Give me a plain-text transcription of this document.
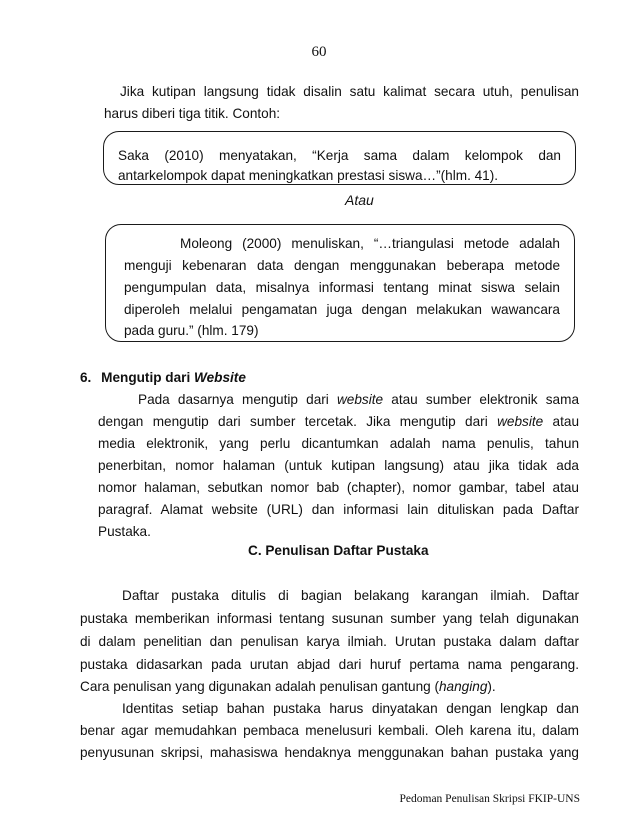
60
Jika kutipan langsung tidak disalin satu kalimat secara utuh, penulisan
harus diberi tiga titik. Contoh:
Saka (2010) menyatakan, “Kerja sama dalam kelompok dan
antarkelompok dapat meningkatkan prestasi siswa…”(hlm. 41).
Atau
Moleong (2000) menuliskan, “…triangulasi metode adalah
menguji kebenaran data dengan menggunakan beberapa metode
pengumpulan data, misalnya informasi tentang minat siswa selain
diperoleh melalui pengamatan juga dengan melakukan wawancara
pada guru.” (hlm. 179)
6. Mengutip dari Website
Pada dasarnya mengutip dari website atau sumber elektronik sama
dengan mengutip dari sumber tercetak. Jika mengutip dari website atau
media elektronik, yang perlu dicantumkan adalah nama penulis, tahun
penerbitan, nomor halaman (untuk kutipan langsung) atau jika tidak ada
nomor halaman, sebutkan nomor bab (chapter), nomor gambar, tabel atau
paragraf. Alamat website (URL) dan informasi lain dituliskan pada Daftar
Pustaka.
C. Penulisan Daftar Pustaka
Daftar pustaka ditulis di bagian belakang karangan ilmiah. Daftar
pustaka memberikan informasi tentang susunan sumber yang telah digunakan
di dalam penelitian dan penulisan karya ilmiah. Urutan pustaka dalam daftar
pustaka didasarkan pada urutan abjad dari huruf pertama nama pengarang.
Cara penulisan yang digunakan adalah penulisan gantung (hanging).
Identitas setiap bahan pustaka harus dinyatakan dengan lengkap dan
benar agar memudahkan pembaca menelusuri kembali. Oleh karena itu, dalam
penyusunan skripsi, mahasiswa hendaknya menggunakan bahan pustaka yang
Pedoman Penulisan Skripsi FKIP-UNS
